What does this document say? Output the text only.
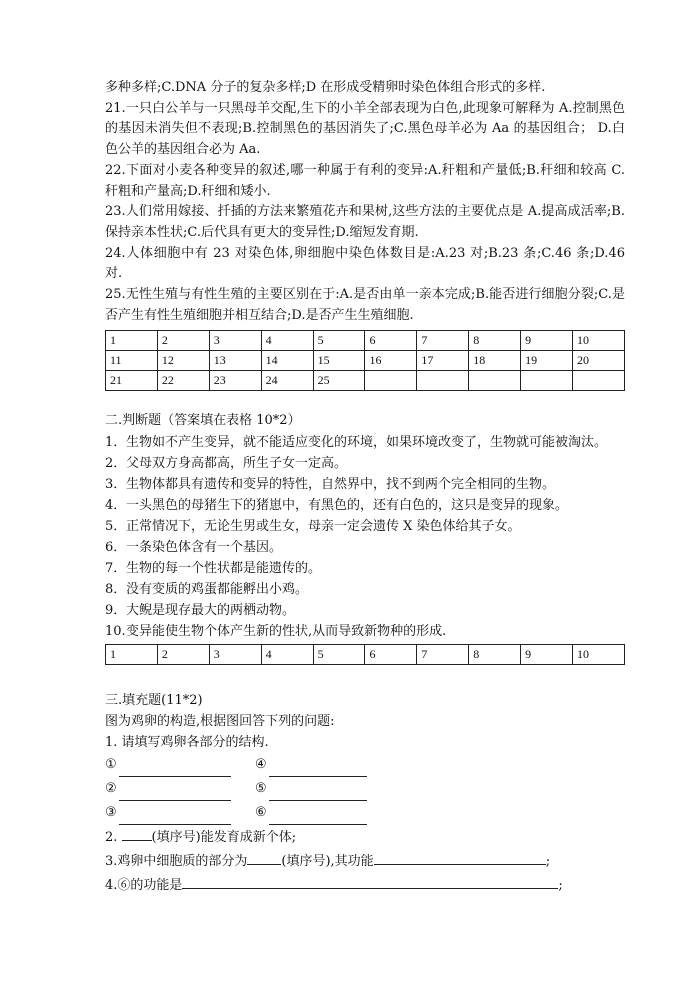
多种多样;C.DNA 分子的复杂多样;D 在形成受精卵时染色体组合形式的多样.

21.一只白公羊与一只黑母羊交配,生下的小羊全部表现为白色,此现象可解释为 A.控制黑色的基因未消失但不表现;B.控制黑色的基因消失了;C.黑色母羊必为 Aa 的基因组合； D.白色公羊的基因组合必为 Aa.

22.下面对小麦各种变异的叙述,哪一种属于有利的变异:A.秆粗和产量低;B.秆细和较高 C.秆粗和产量高;D.秆细和矮小.

23.人们常用嫁接、扦插的方法来繁殖花卉和果树,这些方法的主要优点是 A.提高成活率;B.保持亲本性状;C.后代具有更大的变异性;D.缩短发育期.

24.人体细胞中有 23 对染色体,卵细胞中染色体数目是:A.23 对;B.23 条;C.46 条;D.46 对.

25.无性生殖与有性生殖的主要区别在于:A.是否由单一亲本完成;B.能否进行细胞分裂;C.是否产生有性生殖细胞并相互结合;D.是否产生生殖细胞.

1	2	3	4	5	6	7	8	9	10
11	12	13	14	15	16	17	18	19	20
21	22	23	24	25					
二.判断题（答案填在表格 10*2）
1． 生物如不产生变异，就不能适应变化的环境，如果环境改变了，生物就可能被淘汰。
2． 父母双方身高都高，所生子女一定高。
3． 生物体都具有遗传和变异的特性，自然界中，找不到两个完全相同的生物。
4． 一头黑色的母猪生下的猪崽中，有黑色的，还有白色的，这只是变异的现象。
5． 正常情况下，无论生男或生女，母亲一定会遗传 X 染色体给其子女。
6． 一条染色体含有一个基因。
7． 生物的每一个性状都是能遗传的。
8． 没有变质的鸡蛋都能孵出小鸡。
9． 大鲵是现存最大的两栖动物。
10. 变异能使生物个体产生新的性状,从而导致新物种的形成.
1	2	3	4	5	6	7	8	9	10
三.填充题(11*2)
图为鸡卵的构造,根据图回答下列的问题:
1. 请填写鸡卵各部分的结构.
①	④
②	⑤
③	⑥
2.	(填序号)能发育成新个体;
3.鸡卵中细胞质的部分为	(填序号),其功能	;
4.⑥的功能是	;
